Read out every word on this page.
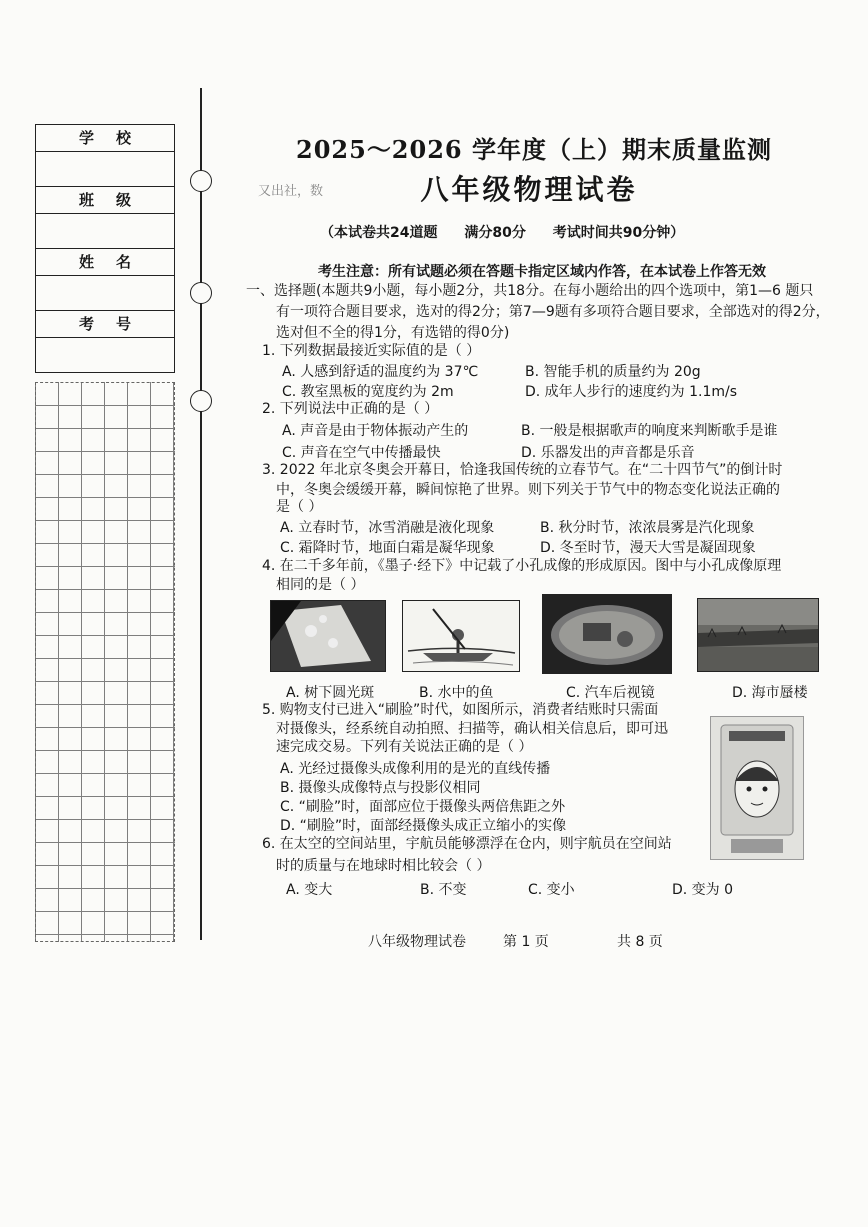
学校
班级
姓名
考号
又出社，数
2025～2026 学年度（上）期末质量监测
八年级物理试卷
（本试卷共24道题 满分80分 考试时间共90分钟）
考生注意：所有试题必须在答题卡指定区域内作答，在本试卷上作答无效
一、选择题(本题共9小题，每小题2分，共18分。在每小题给出的四个选项中，第1—6 题只
有一项符合题目要求，选对的得2分；第7—9题有多项符合题目要求，全部选对的得2分，
选对但不全的得1分，有选错的得0分)
1. 下列数据最接近实际值的是（ ）
A. 人感到舒适的温度约为 37℃	B. 智能手机的质量约为 20g
C. 教室黑板的宽度约为 2m	D. 成年人步行的速度约为 1.1m/s
2. 下列说法中正确的是（ ）
A. 声音是由于物体振动产生的	B. 一般是根据歌声的响度来判断歌手是谁
C. 声音在空气中传播最快	D. 乐器发出的声音都是乐音
3. 2022 年北京冬奥会开幕日，恰逢我国传统的立春节气。在“二十四节气”的倒计时
中，冬奥会缓缓开幕，瞬间惊艳了世界。则下列关于节气中的物态变化说法正确的
是（ ）
A. 立春时节，冰雪消融是液化现象	B. 秋分时节，浓浓晨雾是汽化现象
C. 霜降时节，地面白霜是凝华现象	D. 冬至时节，漫天大雪是凝固现象
4. 在二千多年前，《墨子·经下》中记载了小孔成像的形成原因。图中与小孔成像原理
相同的是（ ）
A. 树下圆光斑	B. 水中的鱼	C. 汽车后视镜	D. 海市蜃楼
5. 购物支付已进入“刷脸”时代，如图所示，消费者结账时只需面
对摄像头，经系统自动拍照、扫描等，确认相关信息后，即可迅
速完成交易。下列有关说法正确的是（ ）
A. 光经过摄像头成像利用的是光的直线传播
B. 摄像头成像特点与投影仪相同
C. “刷脸”时，面部应位于摄像头两倍焦距之外
D. “刷脸”时，面部经摄像头成正立缩小的实像
6. 在太空的空间站里，宇航员能够漂浮在仓内，则宇航员在空间站
时的质量与在地球时相比较会（ ）
A. 变大	B. 不变	C. 变小	D. 变为 0
八年级物理试卷	第 1 页	共 8 页
